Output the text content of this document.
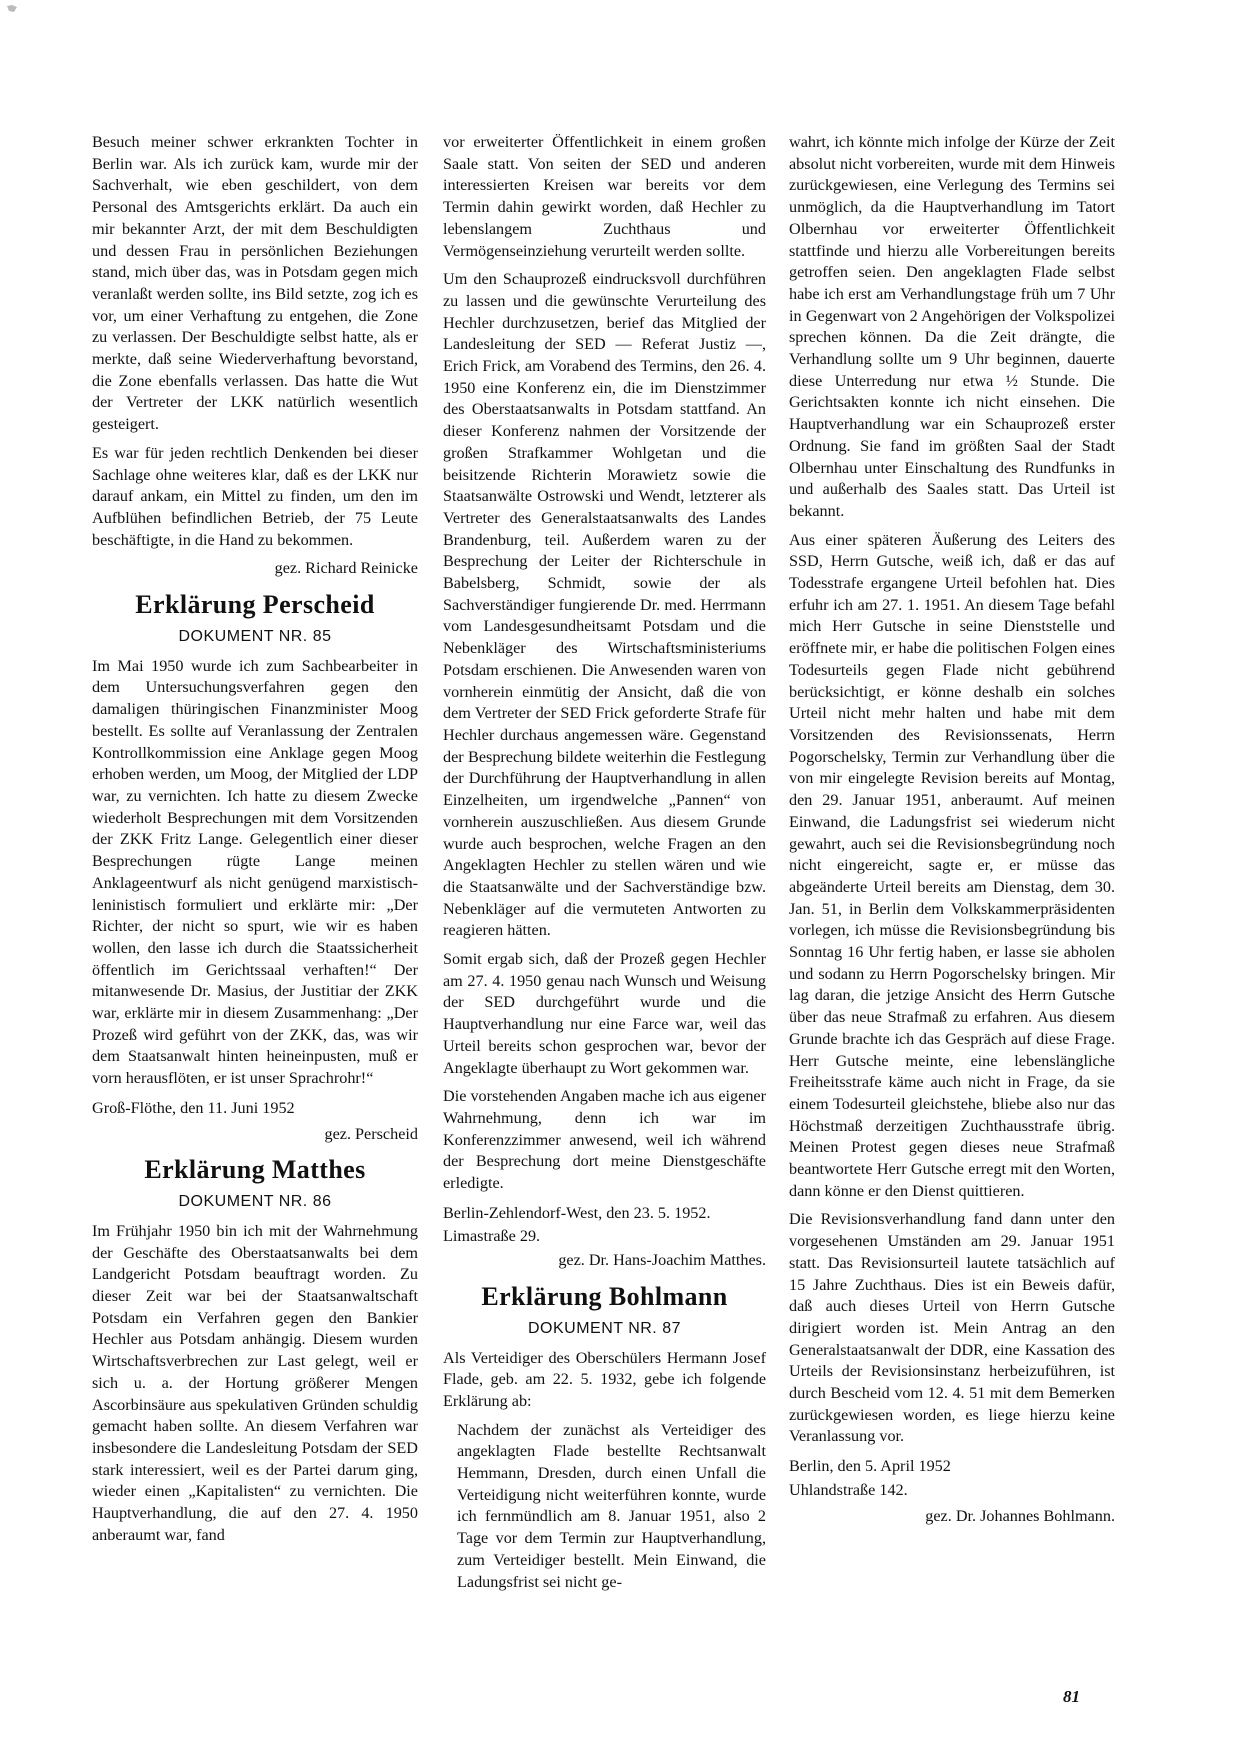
Besuch meiner schwer erkrankten Tochter in Berlin war. Als ich zurück kam, wurde mir der Sachverhalt, wie eben geschildert, von dem Personal des Amtsgerichts erklärt. Da auch ein mir bekannter Arzt, der mit dem Beschuldigten und dessen Frau in persönlichen Beziehungen stand, mich über das, was in Potsdam gegen mich veranlaßt werden sollte, ins Bild setzte, zog ich es vor, um einer Verhaftung zu entgehen, die Zone zu verlassen. Der Beschuldigte selbst hatte, als er merkte, daß seine Wiederverhaftung bevorstand, die Zone ebenfalls verlassen. Das hatte die Wut der Vertreter der LKK natürlich wesentlich gesteigert.

Es war für jeden rechtlich Denkenden bei dieser Sachlage ohne weiteres klar, daß es der LKK nur darauf ankam, ein Mittel zu finden, um den im Aufblühen befindlichen Betrieb, der 75 Leute beschäftigte, in die Hand zu bekommen.

gez. Richard Reinicke
Erklärung Perscheid
DOKUMENT NR. 85

Im Mai 1950 wurde ich zum Sachbearbeiter in dem Untersuchungsverfahren gegen den damaligen thüringischen Finanzminister Moog bestellt. Es sollte auf Veranlassung der Zentralen Kontrollkommission eine Anklage gegen Moog erhoben werden, um Moog, der Mitglied der LDP war, zu vernichten. Ich hatte zu diesem Zwecke wiederholt Besprechungen mit dem Vorsitzenden der ZKK Fritz Lange. Gelegentlich einer dieser Besprechungen rügte Lange meinen Anklageentwurf als nicht genügend marxistisch-leninistisch formuliert und erklärte mir: „Der Richter, der nicht so spurt, wie wir es haben wollen, den lasse ich durch die Staatssicherheit öffentlich im Gerichtssaal verhaften!“ Der mitanwesende Dr. Masius, der Justitiar der ZKK war, erklärte mir in diesem Zusammenhang: „Der Prozeß wird geführt von der ZKK, das, was wir dem Staatsanwalt hinten heineinpusten, muß er vorn herausflöten, er ist unser Sprachrohr!“

Groß-Flöthe, den 11. Juni 1952
gez. Perscheid
Erklärung Matthes
DOKUMENT NR. 86

Im Frühjahr 1950 bin ich mit der Wahrnehmung der Geschäfte des Oberstaatsanwalts bei dem Landgericht Potsdam beauftragt worden. Zu dieser Zeit war bei der Staatsanwaltschaft Potsdam ein Verfahren gegen den Bankier Hechler aus Potsdam anhängig. Diesem wurden Wirtschaftsverbrechen zur Last gelegt, weil er sich u. a. der Hortung größerer Mengen Ascorbinsäure aus spekulativen Gründen schuldig gemacht haben sollte. An diesem Verfahren war insbesondere die Landesleitung Potsdam der SED stark interessiert, weil es der Partei darum ging, wieder einen „Kapitalisten“ zu vernichten. Die Hauptverhandlung, die auf den 27. 4. 1950 anberaumt war, fand

vor erweiterter Öffentlichkeit in einem großen Saale statt. Von seiten der SED und anderen interessierten Kreisen war bereits vor dem Termin dahin gewirkt worden, daß Hechler zu lebenslangem Zuchthaus und Vermögenseinziehung verurteilt werden sollte.

Um den Schauprozeß eindrucksvoll durchführen zu lassen und die gewünschte Verurteilung des Hechler durchzusetzen, berief das Mitglied der Landesleitung der SED — Referat Justiz —, Erich Frick, am Vorabend des Termins, den 26. 4. 1950 eine Konferenz ein, die im Dienstzimmer des Oberstaatsanwalts in Potsdam stattfand. An dieser Konferenz nahmen der Vorsitzende der großen Strafkammer Wohlgetan und die beisitzende Richterin Morawietz sowie die Staatsanwälte Ostrowski und Wendt, letzterer als Vertreter des Generalstaatsanwalts des Landes Brandenburg, teil. Außerdem waren zu der Besprechung der Leiter der Richterschule in Babelsberg, Schmidt, sowie der als Sachverständiger fungierende Dr. med. Herrmann vom Landesgesundheitsamt Potsdam und die Nebenkläger des Wirtschaftsministeriums Potsdam erschienen. Die Anwesenden waren von vornherein einmütig der Ansicht, daß die von dem Vertreter der SED Frick geforderte Strafe für Hechler durchaus angemessen wäre. Gegenstand der Besprechung bildete weiterhin die Festlegung der Durchführung der Hauptverhandlung in allen Einzelheiten, um irgendwelche „Pannen“ von vornherein auszuschließen. Aus diesem Grunde wurde auch besprochen, welche Fragen an den Angeklagten Hechler zu stellen wären und wie die Staatsanwälte und der Sachverständige bzw. Nebenkläger auf die vermuteten Antworten zu reagieren hätten.

Somit ergab sich, daß der Prozeß gegen Hechler am 27. 4. 1950 genau nach Wunsch und Weisung der SED durchgeführt wurde und die Hauptverhandlung nur eine Farce war, weil das Urteil bereits schon gesprochen war, bevor der Angeklagte überhaupt zu Wort gekommen war.

Die vorstehenden Angaben mache ich aus eigener Wahrnehmung, denn ich war im Konferenzzimmer anwesend, weil ich während der Besprechung dort meine Dienstgeschäfte erledigte.

Berlin-Zehlendorf-West, den 23. 5. 1952.
Limastraße 29.
gez. Dr. Hans-Joachim Matthes.
Erklärung Bohlmann
DOKUMENT NR. 87

Als Verteidiger des Oberschülers Hermann Josef Flade, geb. am 22. 5. 1932, gebe ich folgende Erklärung ab:

Nachdem der zunächst als Verteidiger des angeklagten Flade bestellte Rechtsanwalt Hemmann, Dresden, durch einen Unfall die Verteidigung nicht weiterführen konnte, wurde ich fernmündlich am 8. Januar 1951, also 2 Tage vor dem Termin zur Hauptverhandlung, zum Verteidiger bestellt. Mein Einwand, die Ladungsfrist sei nicht ge-

wahrt, ich könnte mich infolge der Kürze der Zeit absolut nicht vorbereiten, wurde mit dem Hinweis zurückgewiesen, eine Verlegung des Termins sei unmöglich, da die Hauptverhandlung im Tatort Olbernhau vor erweiterter Öffentlichkeit stattfinde und hierzu alle Vorbereitungen bereits getroffen seien. Den angeklagten Flade selbst habe ich erst am Verhandlungstage früh um 7 Uhr in Gegenwart von 2 Angehörigen der Volkspolizei sprechen können. Da die Zeit drängte, die Verhandlung sollte um 9 Uhr beginnen, dauerte diese Unterredung nur etwa ½ Stunde. Die Gerichtsakten konnte ich nicht einsehen. Die Hauptverhandlung war ein Schauprozeß erster Ordnung. Sie fand im größten Saal der Stadt Olbernhau unter Einschaltung des Rundfunks in und außerhalb des Saales statt. Das Urteil ist bekannt.

Aus einer späteren Äußerung des Leiters des SSD, Herrn Gutsche, weiß ich, daß er das auf Todesstrafe ergangene Urteil befohlen hat. Dies erfuhr ich am 27. 1. 1951. An diesem Tage befahl mich Herr Gutsche in seine Dienststelle und eröffnete mir, er habe die politischen Folgen eines Todesurteils gegen Flade nicht gebührend berücksichtigt, er könne deshalb ein solches Urteil nicht mehr halten und habe mit dem Vorsitzenden des Revisionssenats, Herrn Pogorschelsky, Termin zur Verhandlung über die von mir eingelegte Revision bereits auf Montag, den 29. Januar 1951, anberaumt. Auf meinen Einwand, die Ladungsfrist sei wiederum nicht gewahrt, auch sei die Revisionsbegründung noch nicht eingereicht, sagte er, er müsse das abgeänderte Urteil bereits am Dienstag, dem 30. Jan. 51, in Berlin dem Volkskammerpräsidenten vorlegen, ich müsse die Revisionsbegründung bis Sonntag 16 Uhr fertig haben, er lasse sie abholen und sodann zu Herrn Pogorschelsky bringen. Mir lag daran, die jetzige Ansicht des Herrn Gutsche über das neue Strafmaß zu erfahren. Aus diesem Grunde brachte ich das Gespräch auf diese Frage. Herr Gutsche meinte, eine lebenslängliche Freiheitsstrafe käme auch nicht in Frage, da sie einem Todesurteil gleichstehe, bliebe also nur das Höchstmaß derzeitigen Zuchthausstrafe übrig. Meinen Protest gegen dieses neue Strafmaß beantwortete Herr Gutsche erregt mit den Worten, dann könne er den Dienst quittieren.

Die Revisionsverhandlung fand dann unter den vorgesehenen Umständen am 29. Januar 1951 statt. Das Revisionsurteil lautete tatsächlich auf 15 Jahre Zuchthaus. Dies ist ein Beweis dafür, daß auch dieses Urteil von Herrn Gutsche dirigiert worden ist. Mein Antrag an den Generalstaatsanwalt der DDR, eine Kassation des Urteils der Revisionsinstanz herbeizuführen, ist durch Bescheid vom 12. 4. 51 mit dem Bemerken zurückgewiesen worden, es liege hierzu keine Veranlassung vor.

Berlin, den 5. April 1952
Uhlandstraße 142.
gez. Dr. Johannes Bohlmann.
81
